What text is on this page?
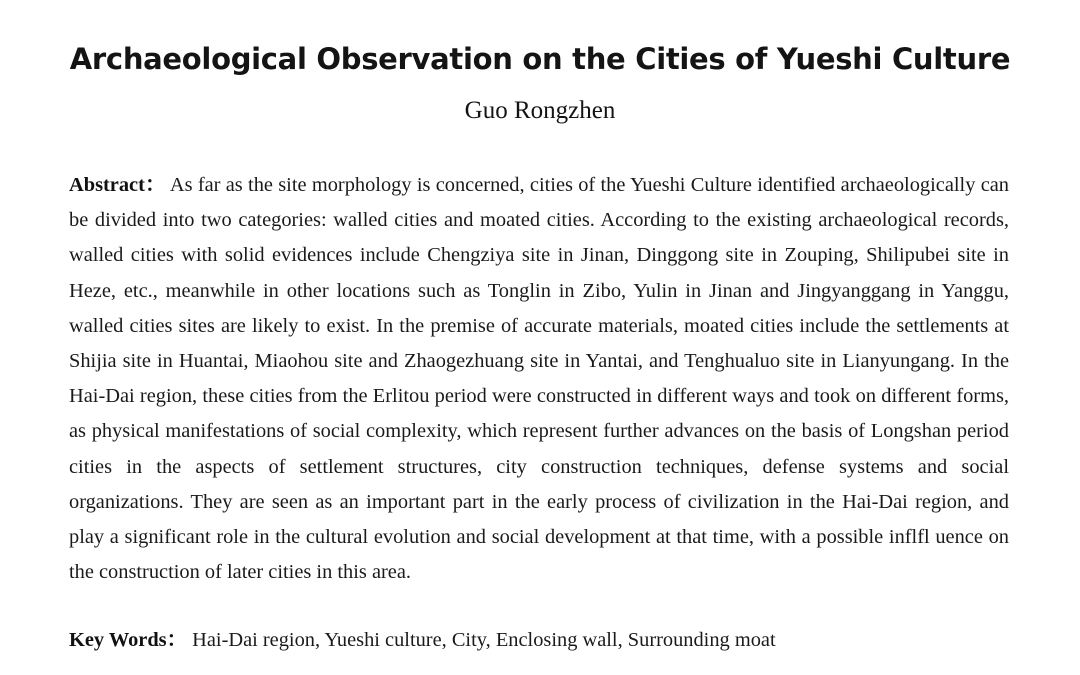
Archaeological Observation on the Cities of Yueshi Culture
Guo Rongzhen

Abstract： As far as the site morphology is concerned, cities of the Yueshi Culture identified archaeologically can be divided into two categories: walled cities and moated cities. According to the existing archaeological records, walled cities with solid evidences include Chengziya site in Jinan, Dinggong site in Zouping, Shilipubei site in Heze, etc., meanwhile in other locations such as Tonglin in Zibo, Yulin in Jinan and Jingyanggang in Yanggu, walled cities sites are likely to exist. In the premise of accurate materials, moated cities include the settlements at Shijia site in Huantai, Miaohou site and Zhaogezhuang site in Yantai, and Tenghualuo site in Lianyungang. In the Hai-Dai region, these cities from the Erlitou period were constructed in different ways and took on different forms, as physical manifestations of social complexity, which represent further advances on the basis of Longshan period cities in the aspects of settlement structures, city construction techniques, defense systems and social organizations. They are seen as an important part in the early process of civilization in the Hai-Dai region, and play a significant role in the cultural evolution and social development at that time, with a possible inflfl uence on the construction of later cities in this area.

Key Words： Hai-Dai region, Yueshi culture, City, Enclosing wall, Surrounding moat
